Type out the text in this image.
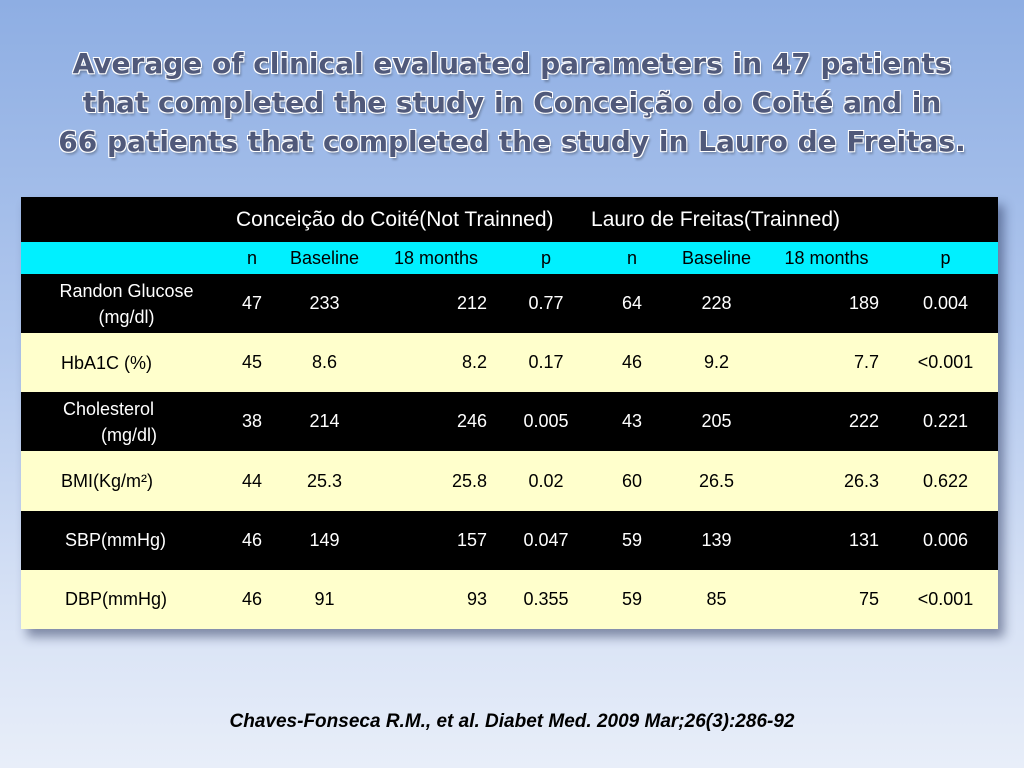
Average of clinical evaluated parameters in 47 patients
that completed the study in Conceição do Coité and in
66 patients that completed the study in Lauro de Freitas.
	Conceição do Coité(Not Trainned)				Lauro de Freitas(Trainned)			
	n	Baseline	18 months	p	n	Baseline	18 months	p

Randon Glucose
(mg/dl)	47	233	212	0.77	64	228	189	0.004

HbA1C (%)	45	8.6	8.2	0.17	46	9.2	7.7	<0.001

Cholesterol
(mg/dl)	38	214	246	0.005	43	205	222	0.221

BMI(Kg/m²)	44	25.3	25.8	0.02	60	26.5	26.3	0.622

SBP(mmHg)	46	149	157	0.047	59	139	131	0.006

DBP(mmHg)	46	91	93	0.355	59	85	75	<0.001

Chaves-Fonseca R.M., et al. Diabet Med. 2009 Mar;26(3):286-92
